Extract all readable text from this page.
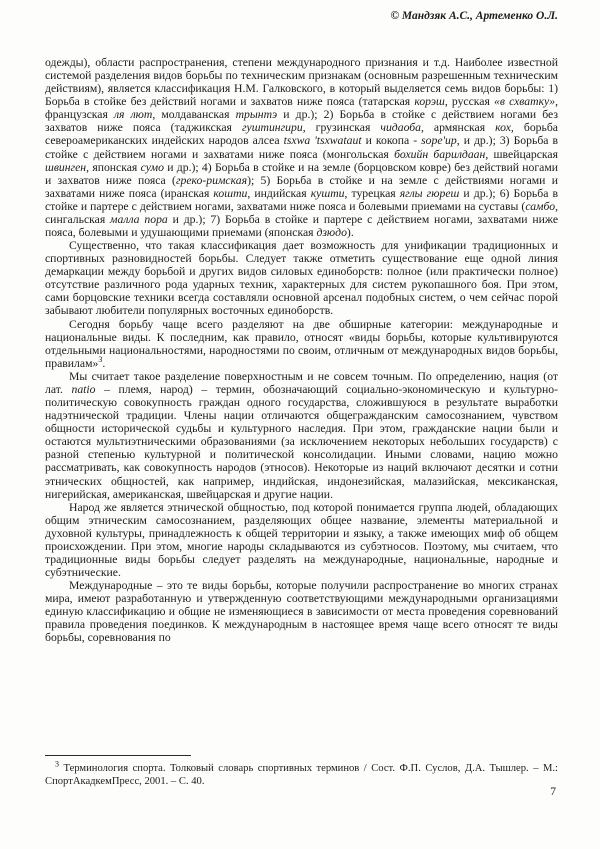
© Мандзяк А.С., Артеменко О.Л.

одежды), области распространения, степени международного признания и т.д. Наиболее известной системой разделения видов борьбы по техническим признакам (основным разрешенным техническим действиям), является классификация Н.М. Галковского, в который выделяется семь видов борьбы: 1) Борьба в стойке без действий ногами и захватов ниже пояса (татарская корэш, русская «в схватку», французская ля лют, молдаванская трынтэ и др.); 2) Борьба в стойке с действием ногами без захватов ниже пояса (таджикская гуштингири, грузинская чидаоба, армянская кох, борьба североамериканских индейских народов алсеа tsxwa 'tsxwataut и кокопа - sope'up, и др.); 3) Борьба в стойке с действием ногами и захватами ниже пояса (монгольская бохийн барилдаан, швейцарская швинген, японская сумо и др.); 4) Борьба в стойке и на земле (борцовском ковре) без действий ногами и захватов ниже пояса (греко-римская); 5) Борьба в стойке и на земле с действиями ногами и захватами ниже пояса (иранская кошти, индийская кушти, турецкая яглы гюреш и др.); 6) Борьба в стойке и партере с действием ногами, захватами ниже пояса и болевыми приемами на суставы (самбо, сингальская малла пора и др.); 7) Борьба в стойке и партере с действием ногами, захватами ниже пояса, болевыми и удушающими приемами (японская дзюдо).

Существенно, что такая классификация дает возможность для унификации традиционных и спортивных разновидностей борьбы. Следует также отметить существование еще одной линия демаркации между борьбой и других видов силовых единоборств: полное (или практически полное) отсутствие различного рода ударных техник, характерных для систем рукопашного боя. При этом, сами борцовские техники всегда составляли основной арсенал подобных систем, о чем сейчас порой забывают любители популярных восточных единоборств.

Сегодня борьбу чаще всего разделяют на две обширные категории: международные и национальные виды. К последним, как правило, относят «виды борьбы, которые культивируются отдельными национальностями, народностями по своим, отличным от международных видов борьбы, правилам»$^3$.

Мы считает такое разделение поверхностным и не совсем точным. По определению, нация (от лат. natio – племя, народ) – термин, обозначающий социально-экономическую и культурно-политическую совокупность граждан одного государства, сложившуюся в результате выработки надэтнической традиции. Члены нации отличаются общегражданским самосознанием, чувством общности исторической судьбы и культурного наследия. При этом, гражданские нации были и остаются мультиэтническими образованиями (за исключением некоторых небольших государств) с разной степенью культурной и политической консолидации. Иными словами, нацию можно рассматривать, как совокупность народов (этносов). Некоторые из наций включают десятки и сотни этнических общностей, как например, индийская, индонезийская, малазийская, мексиканская, нигерийская, американская, швейцарская и другие нации.

Народ же является этнической общностью, под которой понимается группа людей, обладающих общим этническим самосознанием, разделяющих общее название, элементы материальной и духовной культуры, принадлежность к общей территории и языку, а также имеющих миф об общем происхождении. При этом, многие народы складываются из субэтносов. Поэтому, мы считаем, что традиционные виды борьбы следует разделять на международные, национальные, народные и субэтнические.

Международные – это те виды борьбы, которые получили распространение во многих странах мира, имеют разработанную и утвержденную соответствующими международными организациями единую классификацию и общие не изменяющиеся в зависимости от места проведения соревнований правила проведения поединков. К международным в настоящее время чаще всего относят те виды борьбы, соревнования по

$^3$ Терминология спорта. Толковый словарь спортивных терминов / Сост. Ф.П. Суслов, Д.А. Тышлер. – М.: СпортАкадкемПресс, 2001. – С. 40.

7
